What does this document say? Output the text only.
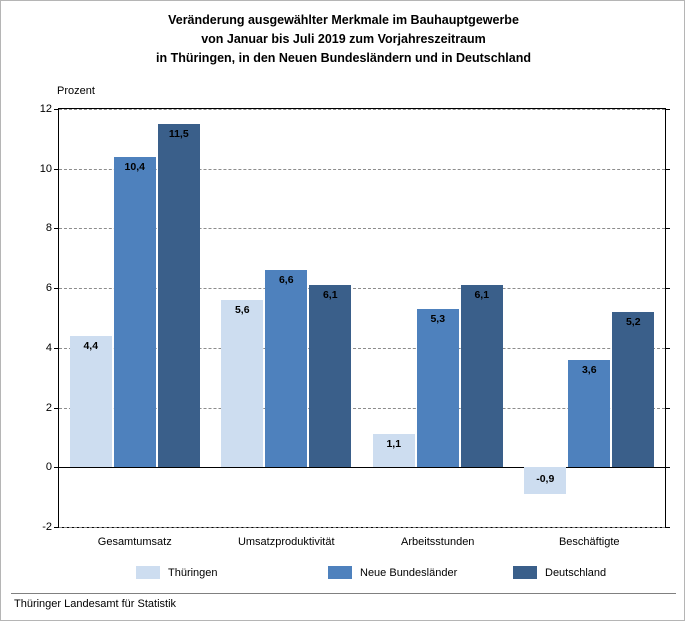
Veränderung ausgewählter Merkmale im Bauhauptgewerbe
von Januar bis Juli 2019 zum Vorjahreszeitraum
in Thüringen, in den Neuen Bundesländern und in Deutschland
Prozent
-2
0
2
4
6
8
10
12
4,4
10,4
11,5
Gesamtumsatz
5,6
6,6
6,1
Umsatzproduktivität
1,1
5,3
6,1
Arbeitsstunden
-0,9
3,6
5,2
Beschäftigte
Thüringen	Neue Bundesländer	Deutschland
Thüringer Landesamt für Statistik
